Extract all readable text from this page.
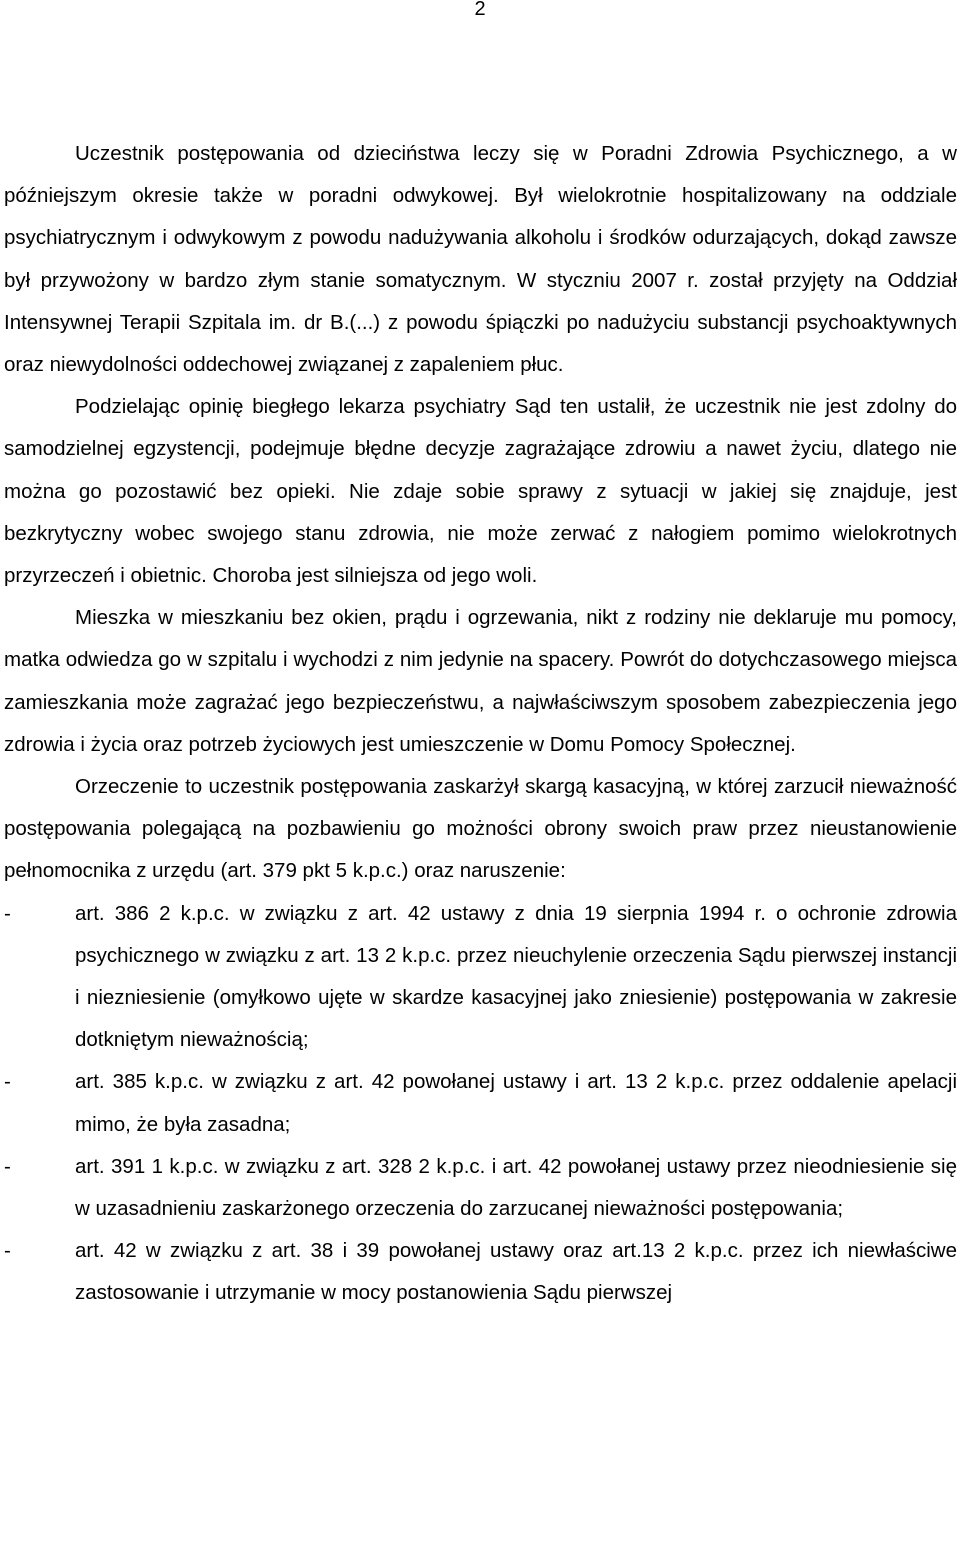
2

Uczestnik postępowania od dzieciństwa leczy się w Poradni Zdrowia Psychicznego, a w późniejszym okresie także w poradni odwykowej. Był wielokrotnie hospitalizowany na oddziale psychiatrycznym i odwykowym z powodu nadużywania alkoholu i środków odurzających, dokąd zawsze był przywożony w bardzo złym stanie somatycznym. W styczniu 2007 r. został przyjęty na Oddział Intensywnej Terapii Szpitala im. dr B.(...) z powodu śpiączki po nadużyciu substancji psychoaktywnych oraz niewydolności oddechowej związanej z zapaleniem płuc.

Podzielając opinię biegłego lekarza psychiatry Sąd ten ustalił, że uczestnik nie jest zdolny do samodzielnej egzystencji, podejmuje błędne decyzje zagrażające zdrowiu a nawet życiu, dlatego nie można go pozostawić bez opieki. Nie zdaje sobie sprawy z sytuacji w jakiej się znajduje, jest bezkrytyczny wobec swojego stanu zdrowia, nie może zerwać z nałogiem pomimo wielokrotnych przyrzeczeń i obietnic. Choroba jest silniejsza od jego woli.

Mieszka w mieszkaniu bez okien, prądu i ogrzewania, nikt z rodziny nie deklaruje mu pomocy, matka odwiedza go w szpitalu i wychodzi z nim jedynie na spacery. Powrót do dotychczasowego miejsca zamieszkania może zagrażać jego bezpieczeństwu, a najwłaściwszym sposobem zabezpieczenia jego zdrowia i życia oraz potrzeb życiowych jest umieszczenie w Domu Pomocy Społecznej.

Orzeczenie to uczestnik postępowania zaskarżył skargą kasacyjną, w której zarzucił nieważność postępowania polegającą na pozbawieniu go możności obrony swoich praw przez nieustanowienie pełnomocnika z urzędu (art. 379 pkt 5 k.p.c.) oraz naruszenie:

-	art. 386 2 k.p.c. w związku z art. 42 ustawy z dnia 19 sierpnia 1994 r. o ochronie zdrowia psychicznego w związku z art. 13 2 k.p.c. przez nieuchylenie orzeczenia Sądu pierwszej instancji i niezniesienie (omyłkowo ujęte w skardze kasacyjnej jako zniesienie) postępowania w zakresie dotkniętym nieważnością;
-	art. 385 k.p.c. w związku z art. 42 powołanej ustawy i art. 13 2 k.p.c. przez oddalenie apelacji mimo, że była zasadna;
-	art. 391 1 k.p.c. w związku z art. 328 2 k.p.c. i art. 42 powołanej ustawy przez nieodniesienie się w uzasadnieniu zaskarżonego orzeczenia do zarzucanej nieważności postępowania;
-	art. 42 w związku z art. 38 i 39 powołanej ustawy oraz art.13 2 k.p.c. przez ich niewłaściwe zastosowanie i utrzymanie w mocy postanowienia Sądu pierwszej
